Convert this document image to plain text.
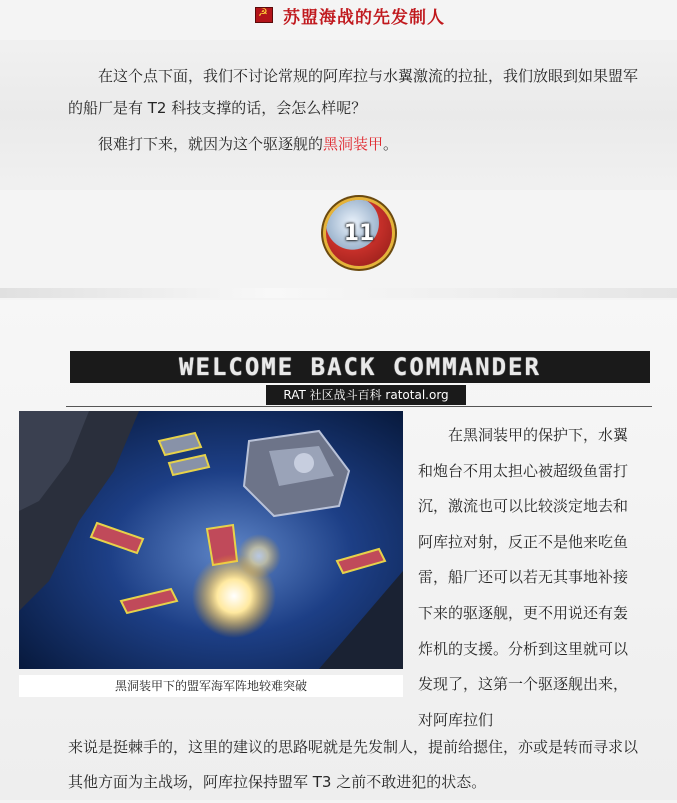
☭
苏盟海战的先发制人
在这个点下面，我们不讨论常规的阿库拉与水翼激流的拉扯，我们放眼到如果盟军的船厂是有 T2 科技支撑的话，会怎么样呢？
很难打下来，就因为这个驱逐舰的黑洞装甲。
11
WELCOME BACK COMMANDER
RAT 社区战斗百科 ratotal.org
黑洞装甲下的盟军海军阵地较难突破
在黑洞装甲的保护下，水翼和炮台不用太担心被超级鱼雷打沉，激流也可以比较淡定地去和阿库拉对射，反正不是他来吃鱼雷，船厂还可以若无其事地补接下来的驱逐舰，更不用说还有轰炸机的支援。分析到这里就可以发现了，这第一个驱逐舰出来，对阿库拉们
来说是挺棘手的，这里的建议的思路呢就是先发制人，提前给摁住，亦或是转而寻求以其他方面为主战场，阿库拉保持盟军 T3 之前不敢进犯的状态。
